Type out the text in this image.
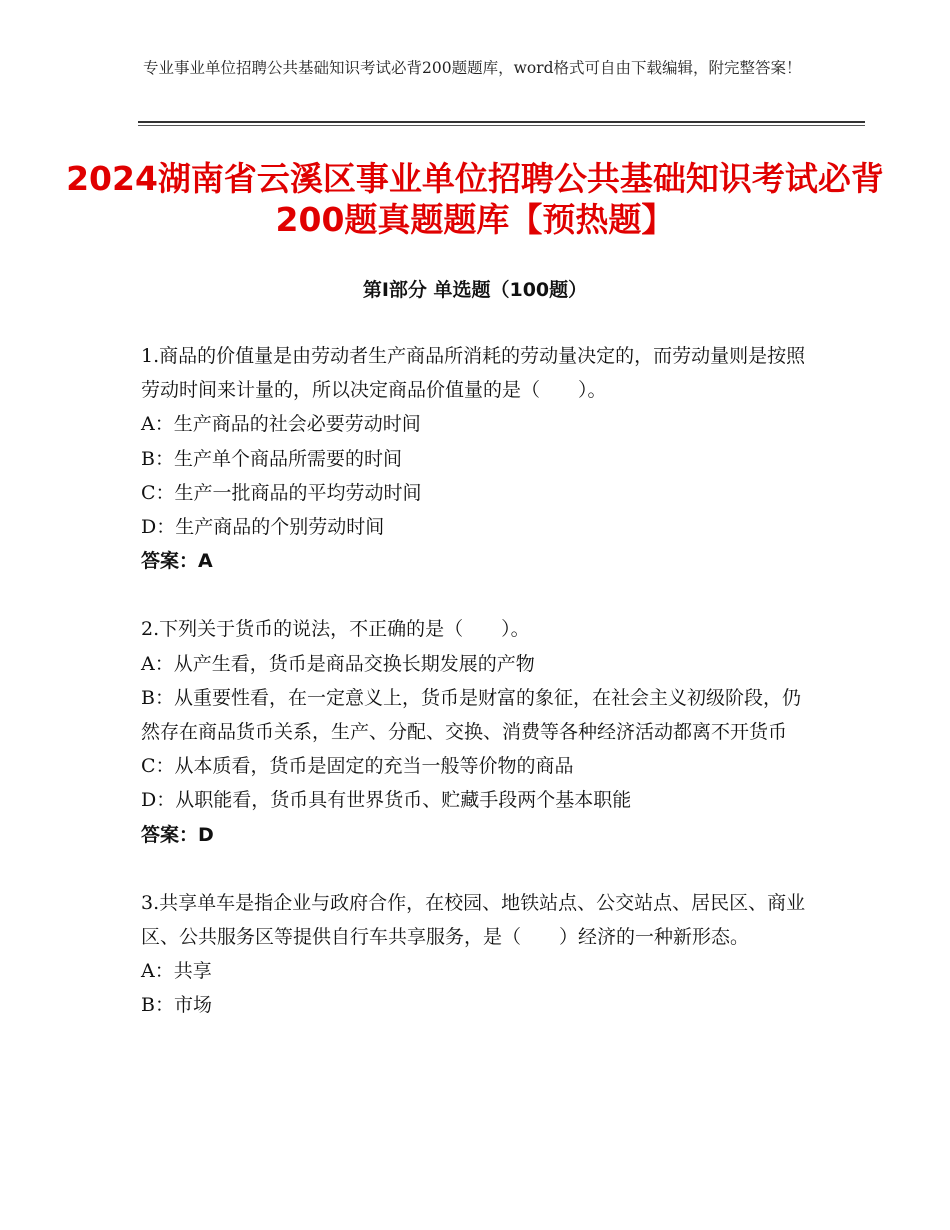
专业事业单位招聘公共基础知识考试必背200题题库，word格式可自由下载编辑，附完整答案！
2024湖南省云溪区事业单位招聘公共基础知识考试必背200题真题题库【预热题】
第Ⅰ部分 单选题（100题）

1.商品的价值量是由劳动者生产商品所消耗的劳动量决定的，而劳动量则是按照劳动时间来计量的，所以决定商品价值量的是（　　）。

A：生产商品的社会必要劳动时间

B：生产单个商品所需要的时间

C：生产一批商品的平均劳动时间

D：生产商品的个别劳动时间

答案：A

2.下列关于货币的说法，不正确的是（　　）。

A：从产生看，货币是商品交换长期发展的产物

B：从重要性看，在一定意义上，货币是财富的象征，在社会主义初级阶段，仍然存在商品货币关系，生产、分配、交换、消费等各种经济活动都离不开货币

C：从本质看，货币是固定的充当一般等价物的商品

D：从职能看，货币具有世界货币、贮藏手段两个基本职能

答案：D

3.共享单车是指企业与政府合作，在校园、地铁站点、公交站点、居民区、商业区、公共服务区等提供自行车共享服务，是（　　）经济的一种新形态。

A：共享

B：市场
